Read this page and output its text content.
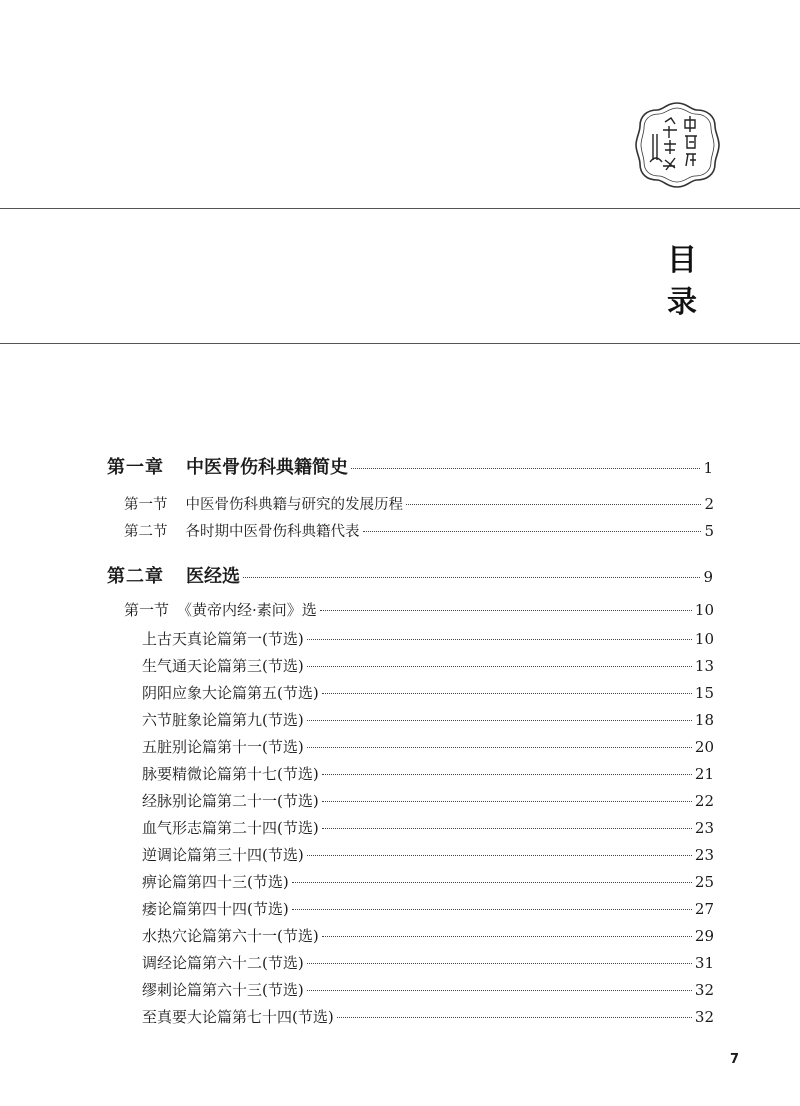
目
录
第一章 中医骨伤科典籍简史	1
第一节 中医骨伤科典籍与研究的发展历程	2
第二节 各时期中医骨伤科典籍代表	5
第二章 医经选	9
第一节 《黄帝内经·素问》选	10
上古天真论篇第一(节选)	10
生气通天论篇第三(节选)	13
阴阳应象大论篇第五(节选)	15
六节脏象论篇第九(节选)	18
五脏别论篇第十一(节选)	20
脉要精微论篇第十七(节选)	21
经脉别论篇第二十一(节选)	22
血气形志篇第二十四(节选)	23
逆调论篇第三十四(节选)	23
痹论篇第四十三(节选)	25
痿论篇第四十四(节选)	27
水热穴论篇第六十一(节选)	29
调经论篇第六十二(节选)	31
缪刺论篇第六十三(节选)	32
至真要大论篇第七十四(节选)	32
7
